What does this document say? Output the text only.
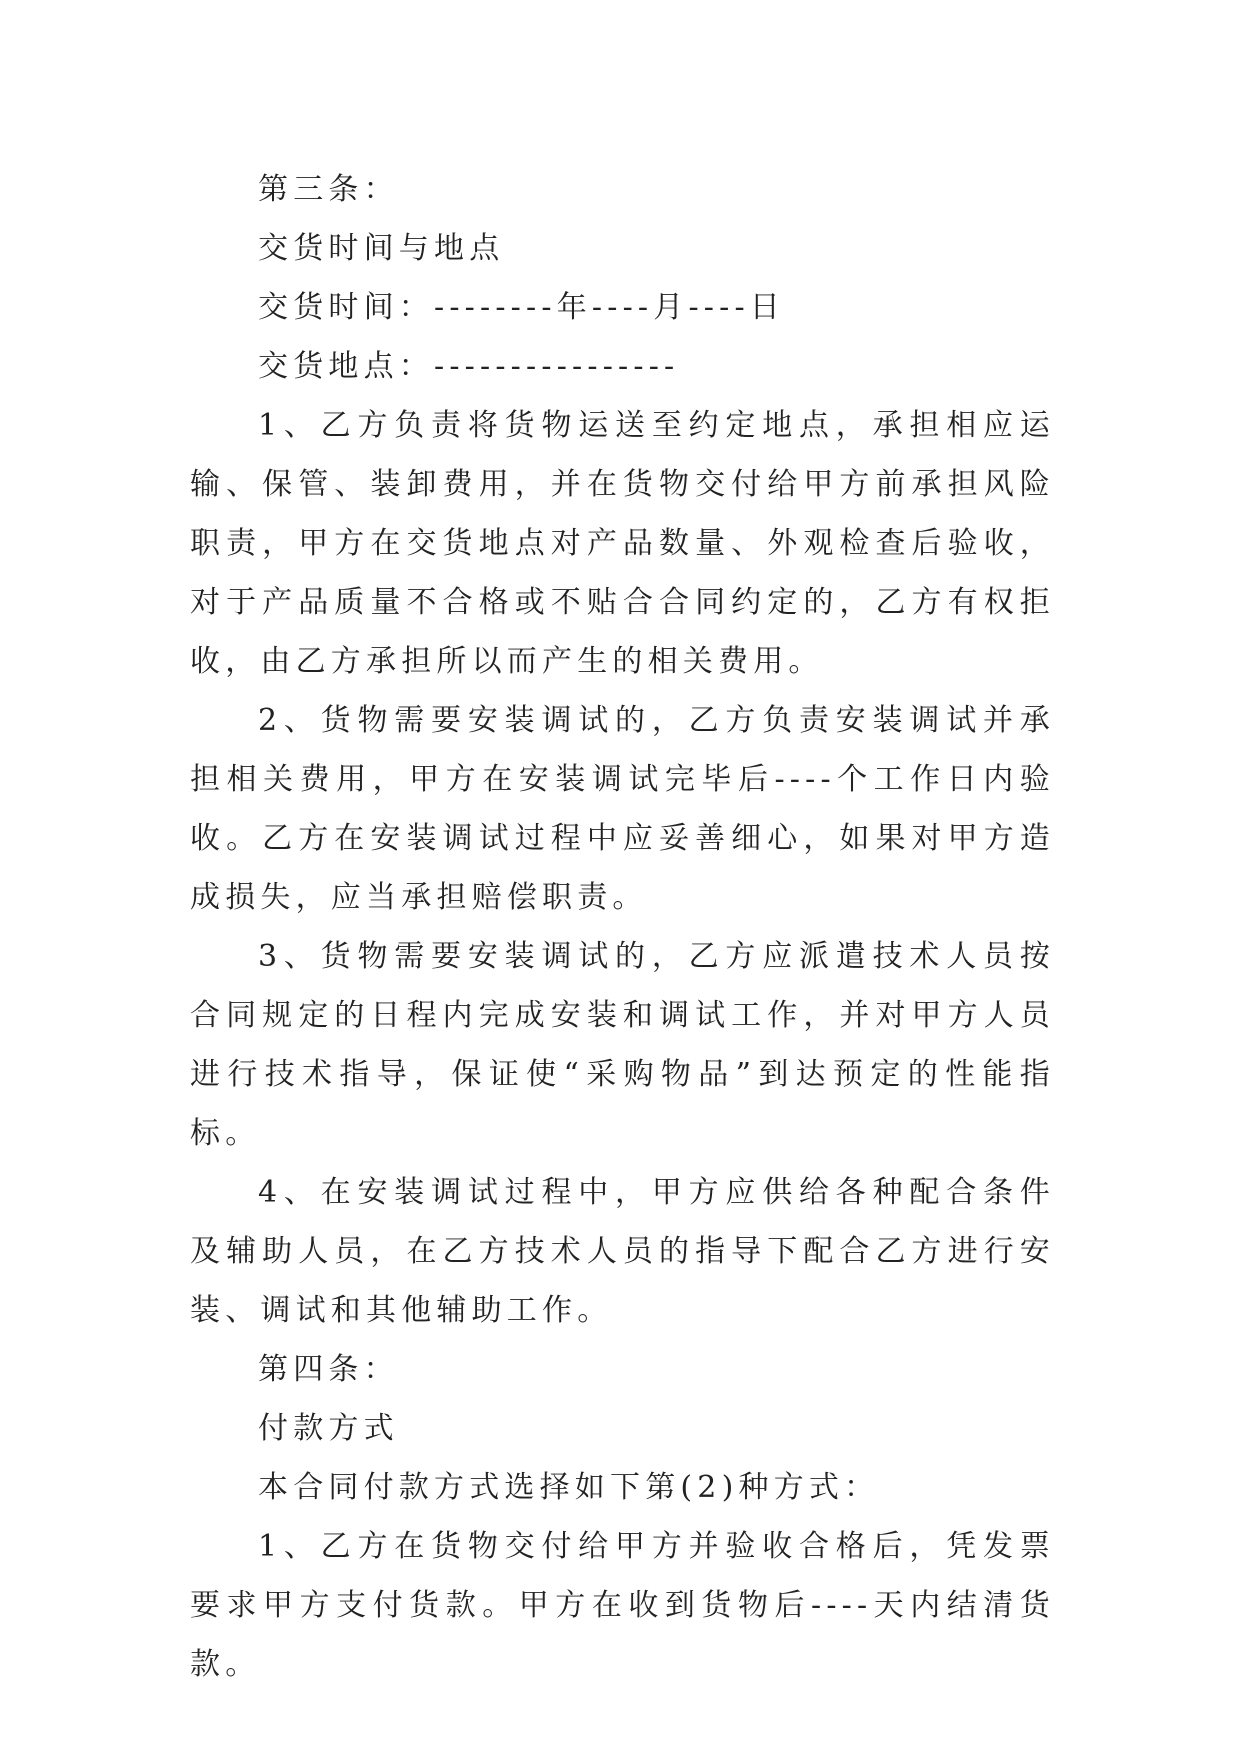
第三条：

交货时间与地点

交货时间：--------年----月----日

交货地点：----------------

1、乙方负责将货物运送至约定地点，承担相应运输、保管、装卸费用，并在货物交付给甲方前承担风险职责，甲方在交货地点对产品数量、外观检查后验收，对于产品质量不合格或不贴合合同约定的，乙方有权拒收，由乙方承担所以而产生的相关费用。

2、货物需要安装调试的，乙方负责安装调试并承担相关费用，甲方在安装调试完毕后----个工作日内验收。乙方在安装调试过程中应妥善细心，如果对甲方造成损失，应当承担赔偿职责。

3、货物需要安装调试的，乙方应派遣技术人员按合同规定的日程内完成安装和调试工作，并对甲方人员进行技术指导，保证使“采购物品”到达预定的性能指标。

4、在安装调试过程中，甲方应供给各种配合条件及辅助人员，在乙方技术人员的指导下配合乙方进行安装、调试和其他辅助工作。

第四条：

付款方式

本合同付款方式选择如下第(2)种方式：

1、乙方在货物交付给甲方并验收合格后，凭发票要求甲方支付货款。甲方在收到货物后----天内结清货款。
